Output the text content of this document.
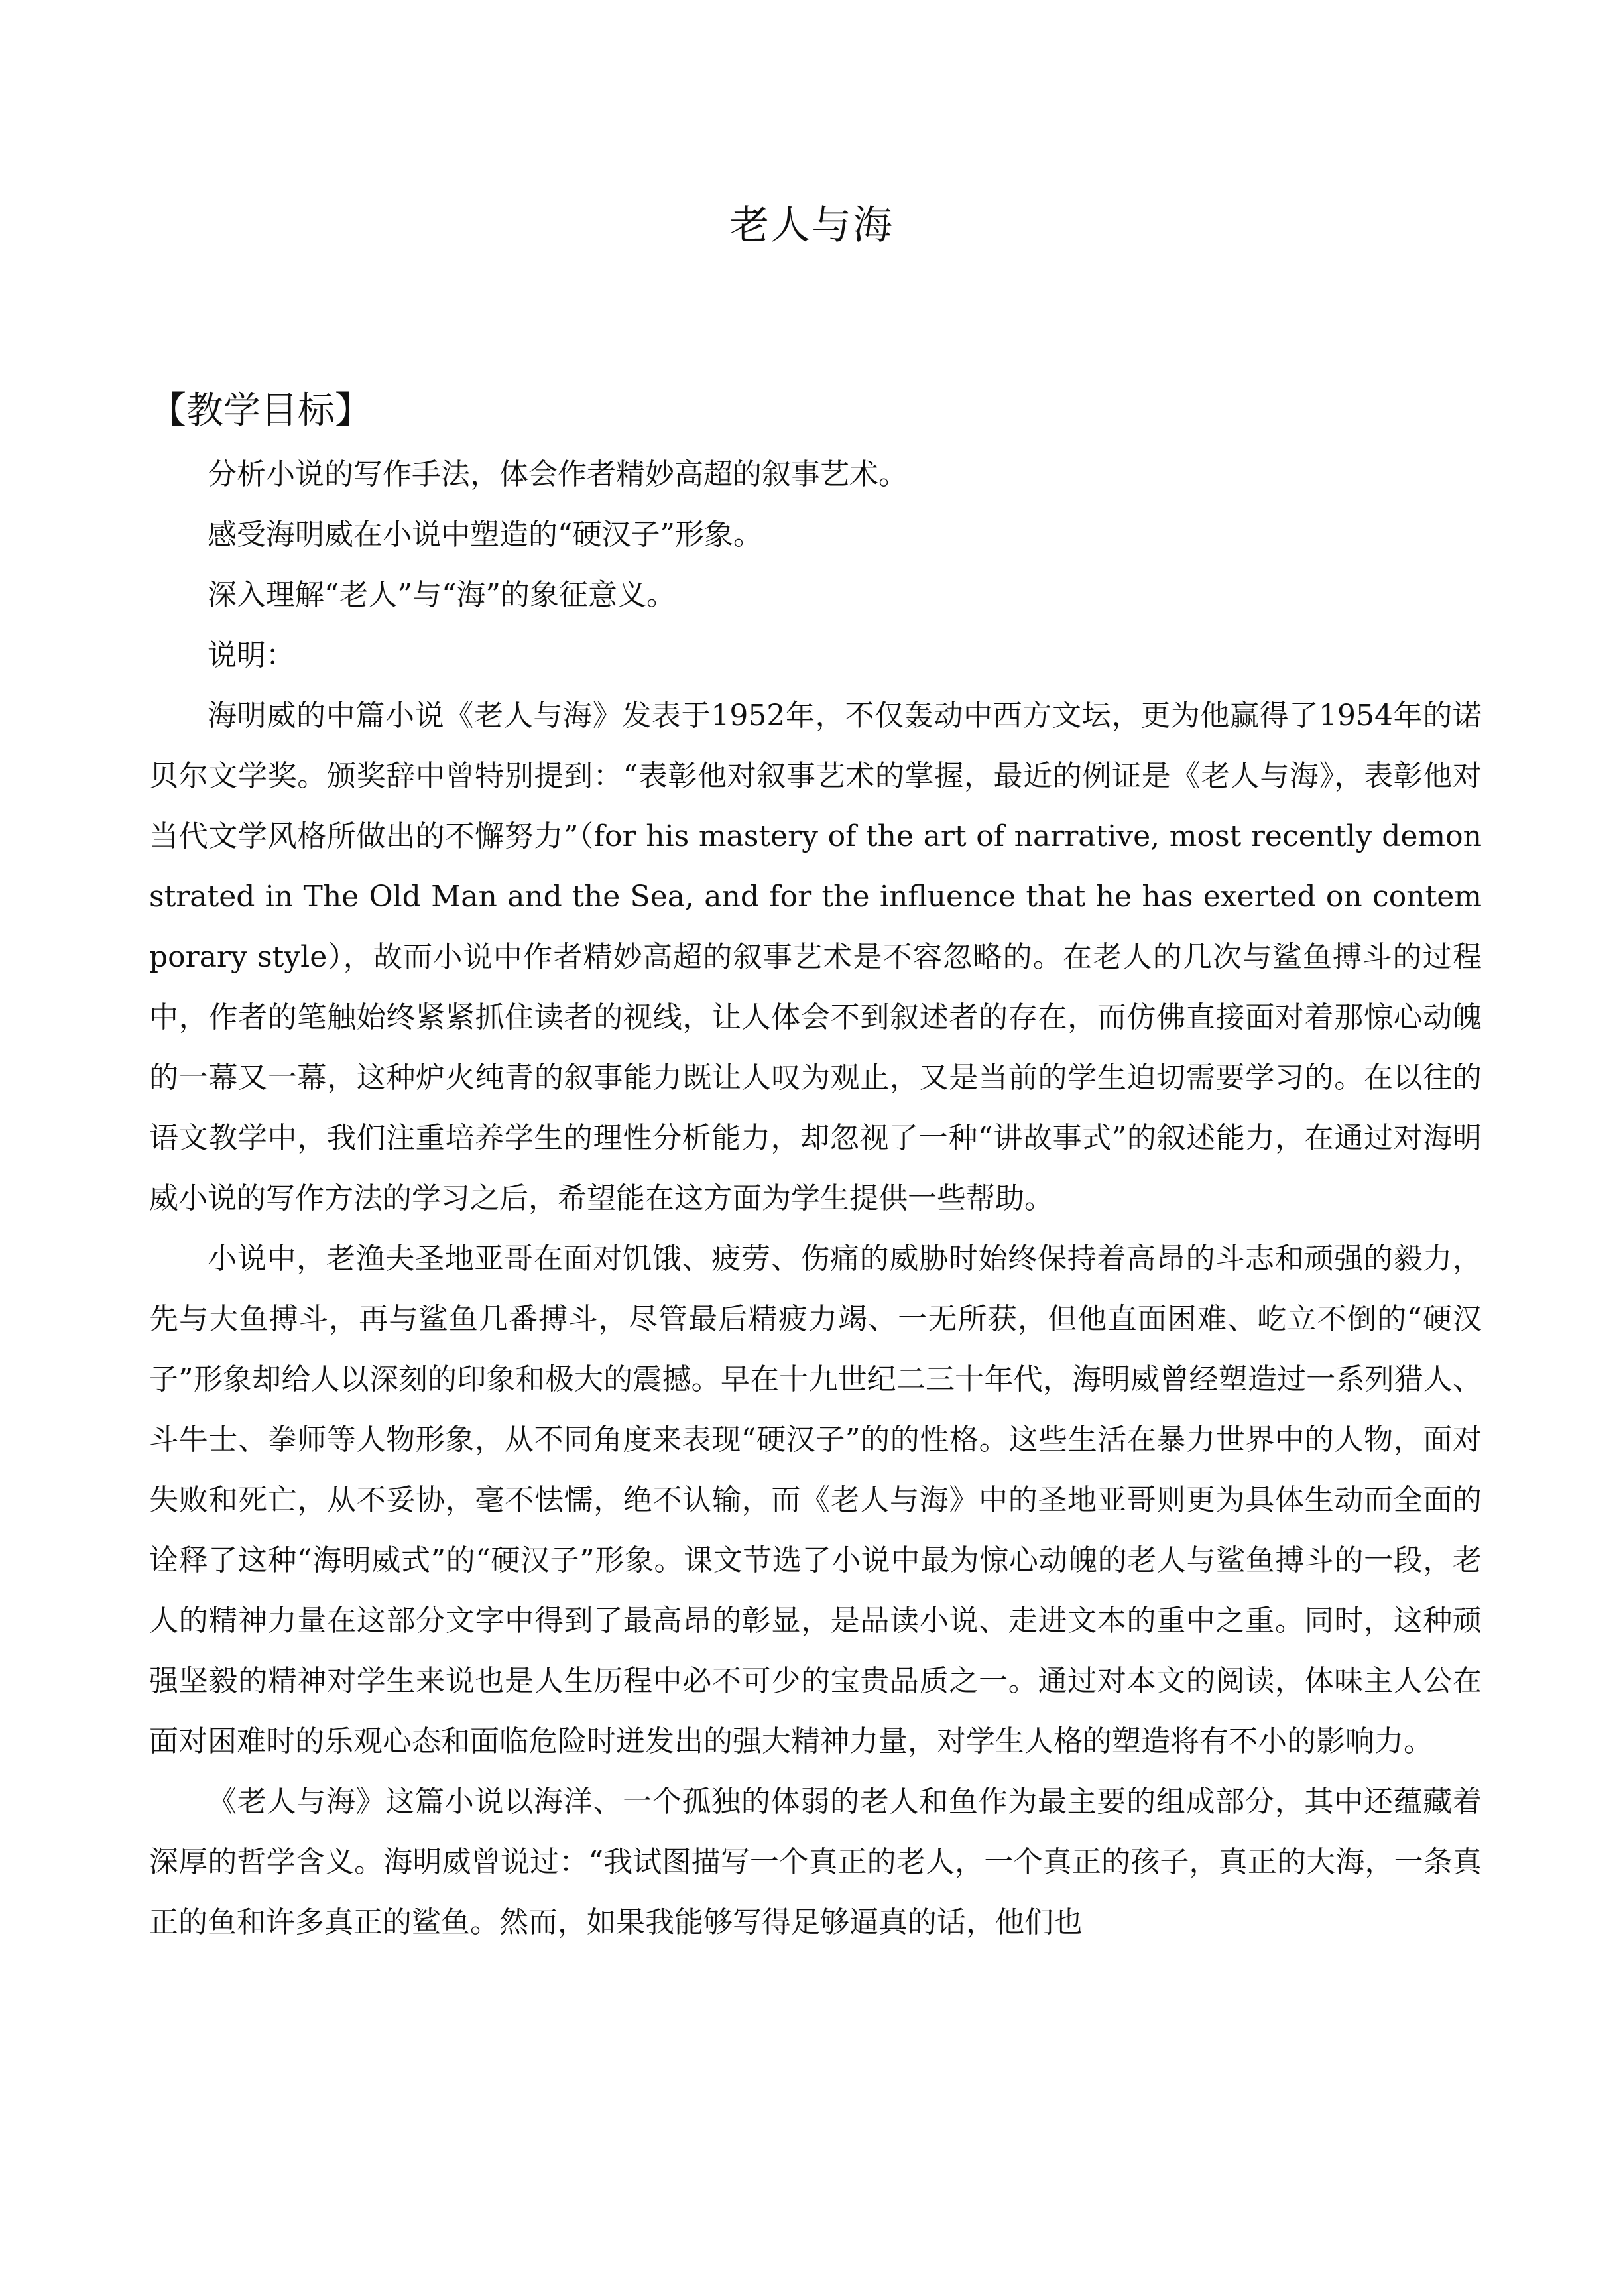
老人与海
【教学目标】

分析小说的写作手法，体会作者精妙高超的叙事艺术。

感受海明威在小说中塑造的“硬汉子”形象。

深入理解“老人”与“海”的象征意义。

说明：

海明威的中篇小说《老人与海》发表于1952年，不仅轰动中西方文坛，更为他赢得了1954年的诺贝尔文学奖。颁奖辞中曾特别提到：“表彰他对叙事艺术的掌握，最近的例证是《老人与海》，表彰他对当代文学风格所做出的不懈努力”（for his mastery of the art of narrative, most recently demonstrated in The Old Man and the Sea, and for the influence that he has exerted on contemporary style），故而小说中作者精妙高超的叙事艺术是不容忽略的。在老人的几次与鲨鱼搏斗的过程中，作者的笔触始终紧紧抓住读者的视线，让人体会不到叙述者的存在，而仿佛直接面对着那惊心动魄的一幕又一幕，这种炉火纯青的叙事能力既让人叹为观止，又是当前的学生迫切需要学习的。在以往的语文教学中，我们注重培养学生的理性分析能力，却忽视了一种“讲故事式”的叙述能力，在通过对海明威小说的写作方法的学习之后，希望能在这方面为学生提供一些帮助。

小说中，老渔夫圣地亚哥在面对饥饿、疲劳、伤痛的威胁时始终保持着高昂的斗志和顽强的毅力，先与大鱼搏斗，再与鲨鱼几番搏斗，尽管最后精疲力竭、一无所获，但他直面困难、屹立不倒的“硬汉子”形象却给人以深刻的印象和极大的震撼。早在十九世纪二三十年代，海明威曾经塑造过一系列猎人、斗牛士、拳师等人物形象，从不同角度来表现“硬汉子”的的性格。这些生活在暴力世界中的人物，面对失败和死亡，从不妥协，毫不怯懦，绝不认输，而《老人与海》中的圣地亚哥则更为具体生动而全面的诠释了这种“海明威式”的“硬汉子”形象。课文节选了小说中最为惊心动魄的老人与鲨鱼搏斗的一段，老人的精神力量在这部分文字中得到了最高昂的彰显，是品读小说、走进文本的重中之重。同时，这种顽强坚毅的精神对学生来说也是人生历程中必不可少的宝贵品质之一。通过对本文的阅读，体味主人公在面对困难时的乐观心态和面临危险时迸发出的强大精神力量，对学生人格的塑造将有不小的影响力。

《老人与海》这篇小说以海洋、一个孤独的体弱的老人和鱼作为最主要的组成部分，其中还蕴藏着深厚的哲学含义。海明威曾说过：“我试图描写一个真正的老人，一个真正的孩子，真正的大海，一条真正的鱼和许多真正的鲨鱼。然而，如果我能够写得足够逼真的话，他们也
